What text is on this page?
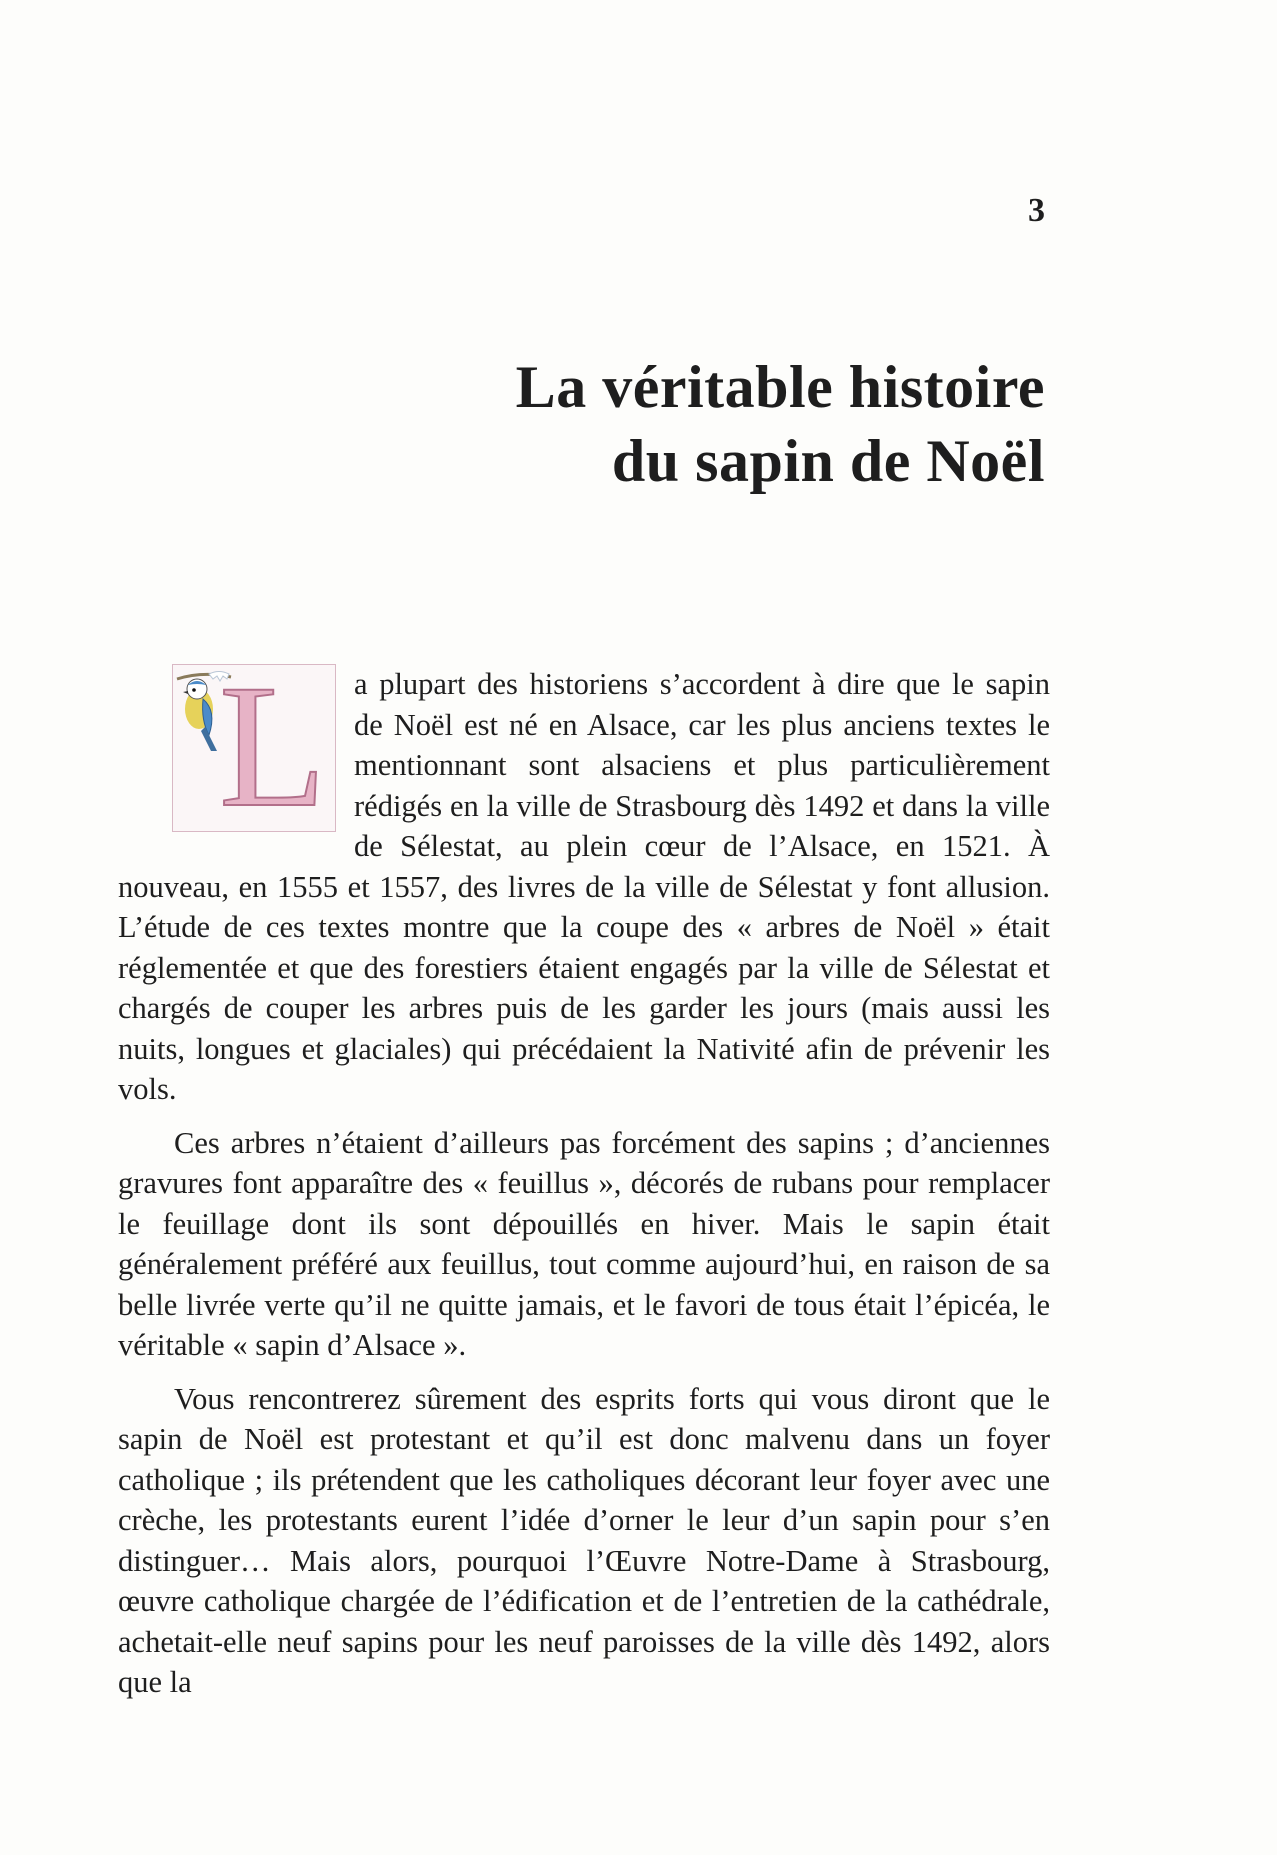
3
La véritable histoire
du sapin de Noël

L a plupart des historiens s’accordent à dire que le sapin de Noël est né en Alsace, car les plus anciens textes le mentionnant sont alsaciens et plus particulièrement rédigés en la ville de Strasbourg dès 1492 et dans la ville de Sélestat, au plein cœur de l’Alsace, en 1521. À nouveau, en 1555 et 1557, des livres de la ville de Sélestat y font allusion. L’étude de ces textes montre que la coupe des « arbres de Noël » était réglementée et que des forestiers étaient engagés par la ville de Sélestat et chargés de couper les arbres puis de les garder les jours (mais aussi les nuits, longues et glaciales) qui précédaient la Nativité afin de prévenir les vols.

Ces arbres n’étaient d’ailleurs pas forcément des sapins ; d’anciennes gravures font apparaître des « feuillus », décorés de rubans pour remplacer le feuillage dont ils sont dépouillés en hiver. Mais le sapin était généralement préféré aux feuillus, tout comme aujourd’hui, en raison de sa belle livrée verte qu’il ne quitte jamais, et le favori de tous était l’épicéa, le véritable « sapin d’Alsace ».

Vous rencontrerez sûrement des esprits forts qui vous diront que le sapin de Noël est protestant et qu’il est donc malvenu dans un foyer catholique ; ils prétendent que les catholiques décorant leur foyer avec une crèche, les protestants eurent l’idée d’orner le leur d’un sapin pour s’en distinguer… Mais alors, pourquoi l’Œuvre Notre-Dame à Strasbourg, œuvre catholique chargée de l’édification et de l’entretien de la cathédrale, achetait-elle neuf sapins pour les neuf paroisses de la ville dès 1492, alors que la
